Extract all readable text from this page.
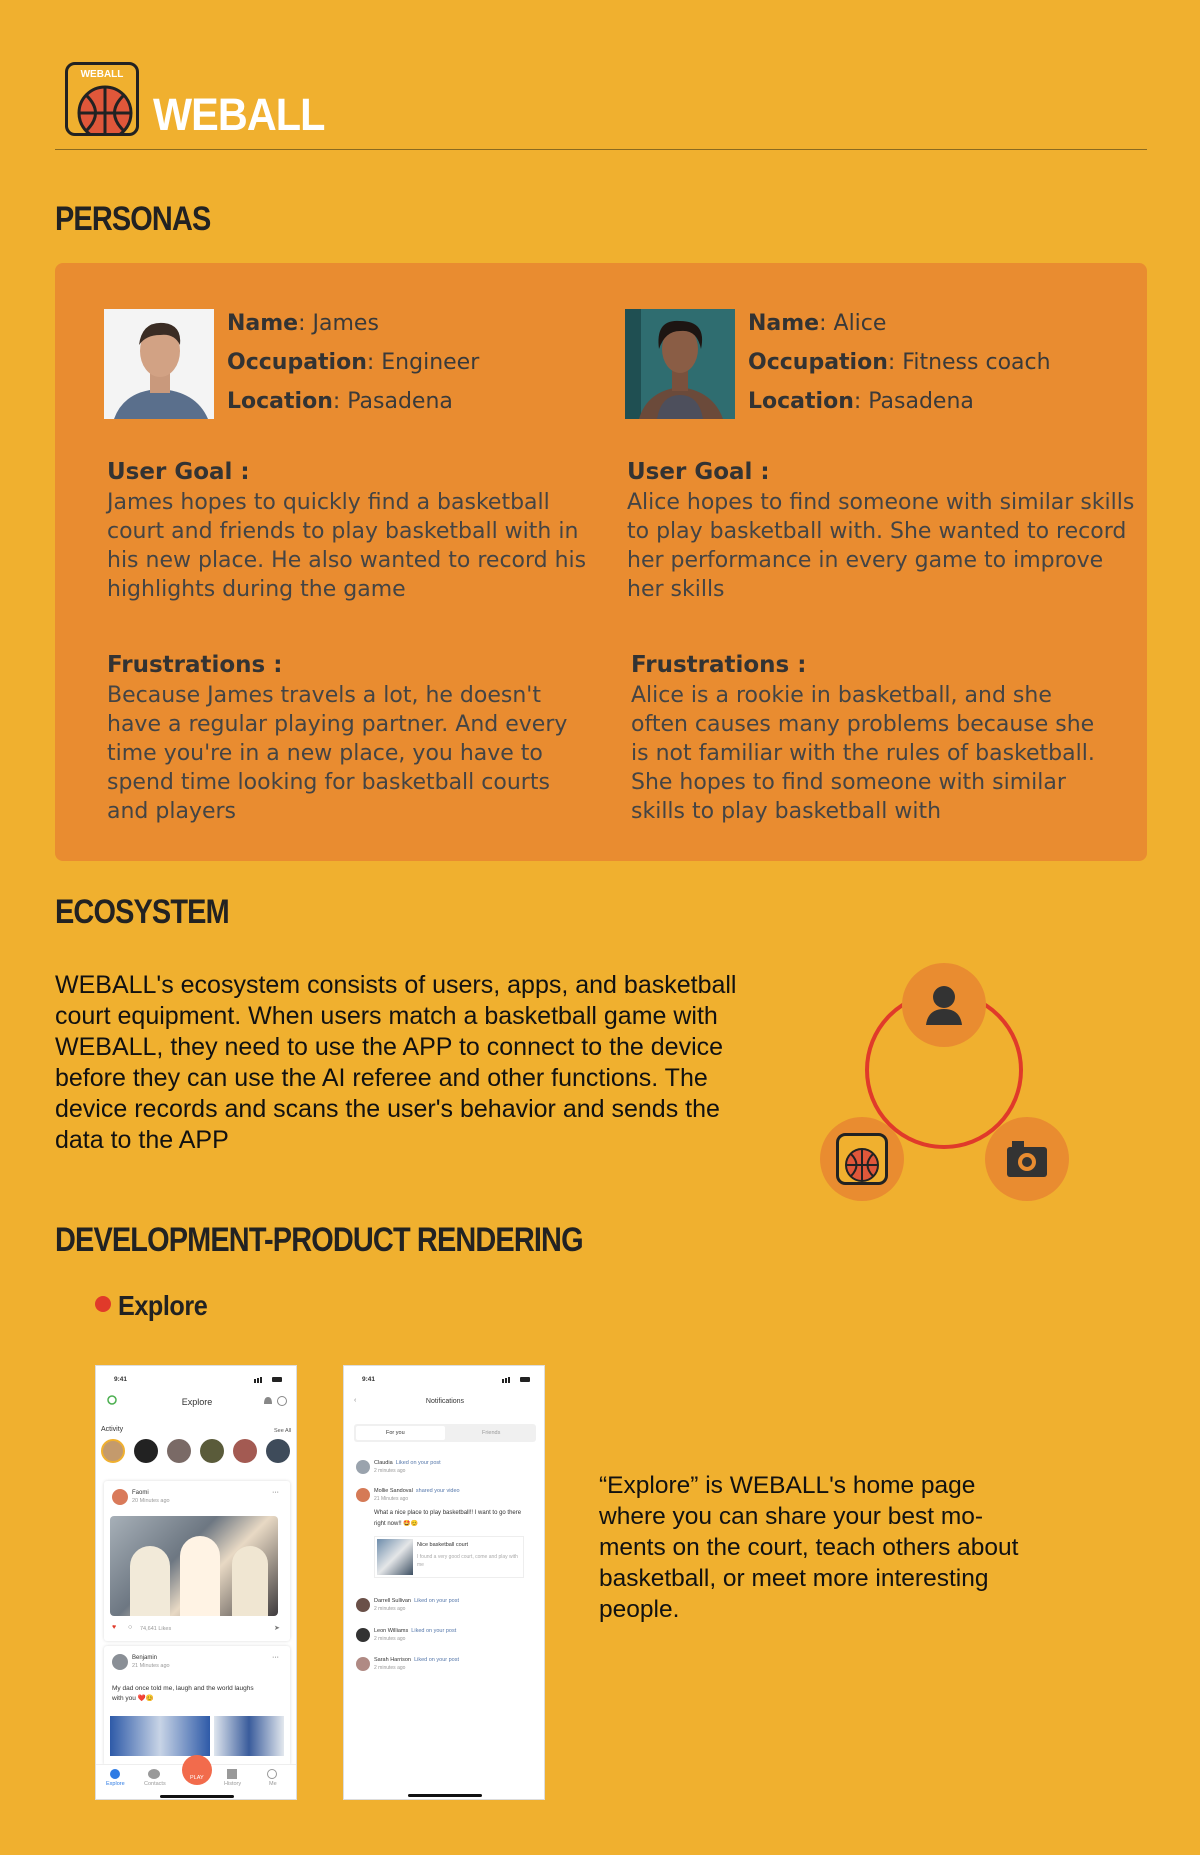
WEBALL
WEBALL
PERSONAS
Name: James
Occupation: Engineer
Location: Pasadena
User Goal :
James hopes to quickly find a basketball court and friends to play basketball with in his new place. He also wanted to record his highlights during the game
Frustrations :
Because James travels a lot, he doesn't have a regular playing partner. And every time you're in a new place, you have to spend time looking for basketball courts and players
Name: Alice
Occupation: Fitness coach
Location: Pasadena
User Goal :
Alice hopes to find someone with similar skills to play basketball with. She wanted to record her performance in every game to improve her skills
Frustrations :
Alice is a rookie in basketball, and she often causes many problems because she is not familiar with the rules of basketball. She hopes to find someone with similar skills to play basketball with
ECOSYSTEM
WEBALL's ecosystem consists of users, apps, and basketball court equipment. When users match a basketball game with WEBALL, they need to use the APP to connect to the device before they can use the AI referee and other functions. The device records and scans the user's behavior and sends the data to the APP
DEVELOPMENT-PRODUCT RENDERING
Explore
9:41
Explore
Activity	See All
Faomi
20 Minutes ago
···
♥ ○ 74,641 Likes	➤
Benjamin
21 Minutes ago
···
My dad once told me, laugh and the world laughs with you ❤️😊
Explore	Contacts
PLAY
History	Me
9:41
‹	Notifications
For you	Friends
Claudia Liked on your post
2 minutes ago
Mollie Sandoval shared your video
21 Minutes ago
What a nice place to play basketball!! I want to go there right now!! 🤩😊
Nice basketball court
I found a very good court, come and play with me
Darrell Sullivan Liked on your post
2 minutes ago
Leon Williams Liked on your post
2 minutes ago
Sarah Harrison Liked on your post
2 minutes ago
“Explore” is WEBALL's home page where you can share your best mo-ments on the court, teach others about basketball, or meet more interesting people.
